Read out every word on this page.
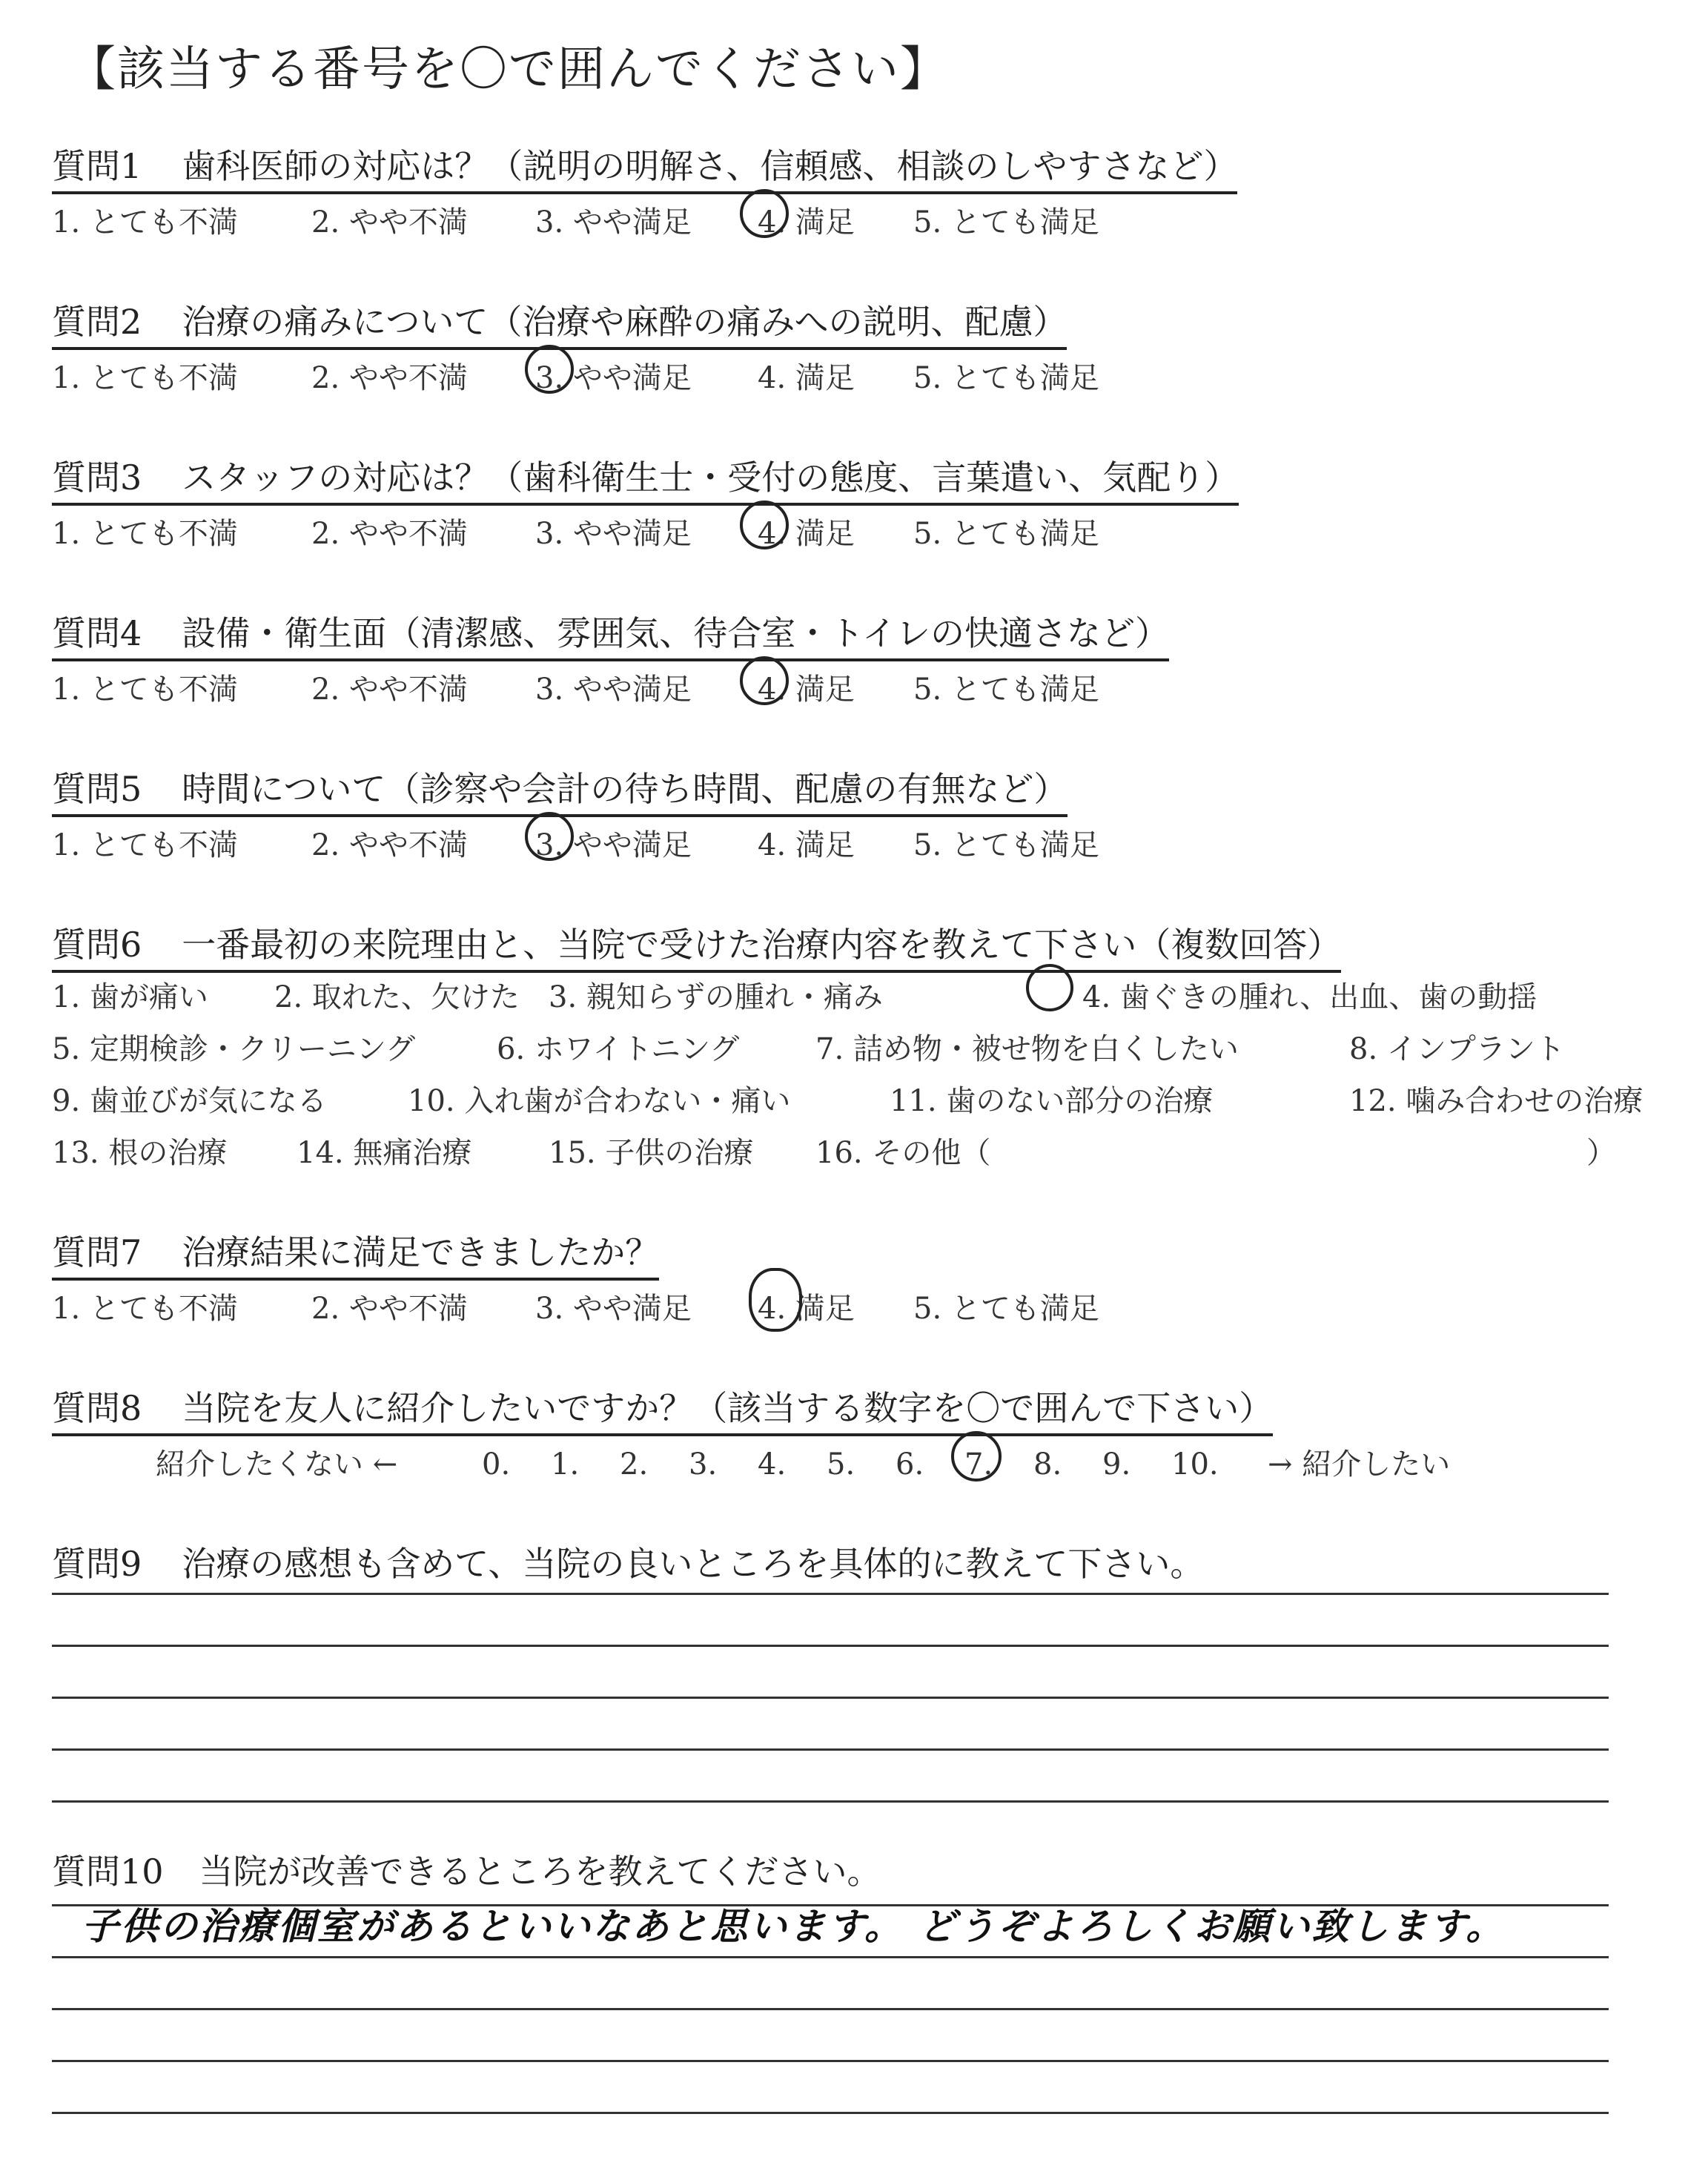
【該当する番号を〇で囲んでください】
質問1 歯科医師の対応は？（説明の明解さ、信頼感、相談のしやすさなど）
1. とても不満 2. やや不満 3. やや満足 4. 満足 5. とても満足
質問2 治療の痛みについて（治療や麻酔の痛みへの説明、配慮）
1. とても不満 2. やや不満 3. やや満足 4. 満足 5. とても満足
質問3 スタッフの対応は？（歯科衛生士・受付の態度、言葉遣い、気配り）
1. とても不満 2. やや不満 3. やや満足 4. 満足 5. とても満足
質問4 設備・衛生面（清潔感、雰囲気、待合室・トイレの快適さなど）
1. とても不満 2. やや不満 3. やや満足 4. 満足 5. とても満足
質問5 時間について（診察や会計の待ち時間、配慮の有無など）
1. とても不満 2. やや不満 3. やや満足 4. 満足 5. とても満足
質問6 一番最初の来院理由と、当院で受けた治療内容を教えて下さい（複数回答）
1. 歯が痛い 2. 取れた、欠けた 3. 親知らずの腫れ・痛み	4. 歯ぐきの腫れ、出血、歯の動揺
5. 定期検診・クリーニング	6. ホワイトニング	7. 詰め物・被せ物を白くしたい	8. インプラント
9. 歯並びが気になる	10. 入れ歯が合わない・痛い	11. 歯のない部分の治療	12. 噛み合わせの治療
13. 根の治療 14. 無痛治療	15. 子供の治療 16. その他（	）
質問7 治療結果に満足できましたか？
1. とても不満 2. やや不満 3. やや満足 4. 満足 5. とても満足
質問8 当院を友人に紹介したいですか？（該当する数字を〇で囲んで下さい）
紹介したくない ←	0. 1. 2. 3. 4. 5. 6. 7. 8. 9. 10. → 紹介したい
質問9 治療の感想も含めて、当院の良いところを具体的に教えて下さい。
質問10 当院が改善できるところを教えてください。
子供の治療個室があるといいなあと思います。 どうぞよろしくお願い致します。
